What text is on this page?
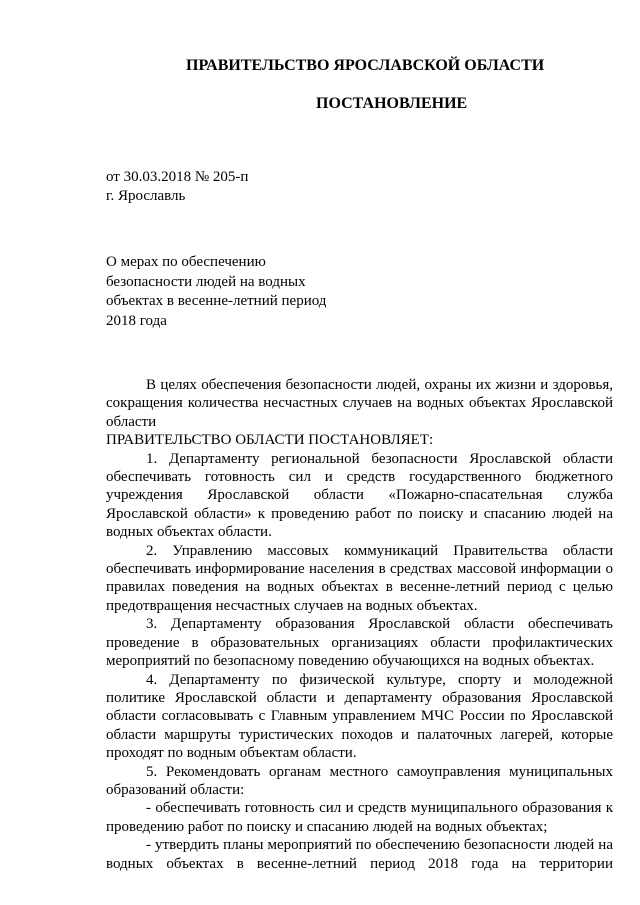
ПРАВИТЕЛЬСТВО ЯРОСЛАВСКОЙ ОБЛАСТИ
ПОСТАНОВЛЕНИЕ
от 30.03.2018 № 205-п
г. Ярославль
О мерах по обеспечению
безопасности людей на водных
объектах в весенне-летний период
2018 года

В целях обеспечения безопасности людей, охраны их жизни и здоровья, сокращения количества несчастных случаев на водных объектах Ярославской области

ПРАВИТЕЛЬСТВО ОБЛАСТИ ПОСТАНОВЛЯЕТ:

1. Департаменту региональной безопасности Ярославской области обеспечивать готовность сил и средств государственного бюджетного учреждения Ярославской области «Пожарно-спасательная служба Ярославской области» к проведению работ по поиску и спасанию людей на водных объектах области.

2. Управлению массовых коммуникаций Правительства области обеспечивать информирование населения в средствах массовой информации о правилах поведения на водных объектах в весенне-летний период с целью предотвращения несчастных случаев на водных объектах.

3. Департаменту образования Ярославской области обеспечивать проведение в образовательных организациях области профилактических мероприятий по безопасному поведению обучающихся на водных объектах.

4. Департаменту по физической культуре, спорту и молодежной политике Ярославской области и департаменту образования Ярославской области согласовывать с Главным управлением МЧС России по Ярославской области маршруты туристических походов и палаточных лагерей, которые проходят по водным объектам области.

5. Рекомендовать органам местного самоуправления муниципальных образований области:

- обеспечивать готовность сил и средств муниципального образования к проведению работ по поиску и спасанию людей на водных объектах;

- утвердить планы мероприятий по обеспечению безопасности людей на водных объектах в весенне-летний период 2018 года на территории
